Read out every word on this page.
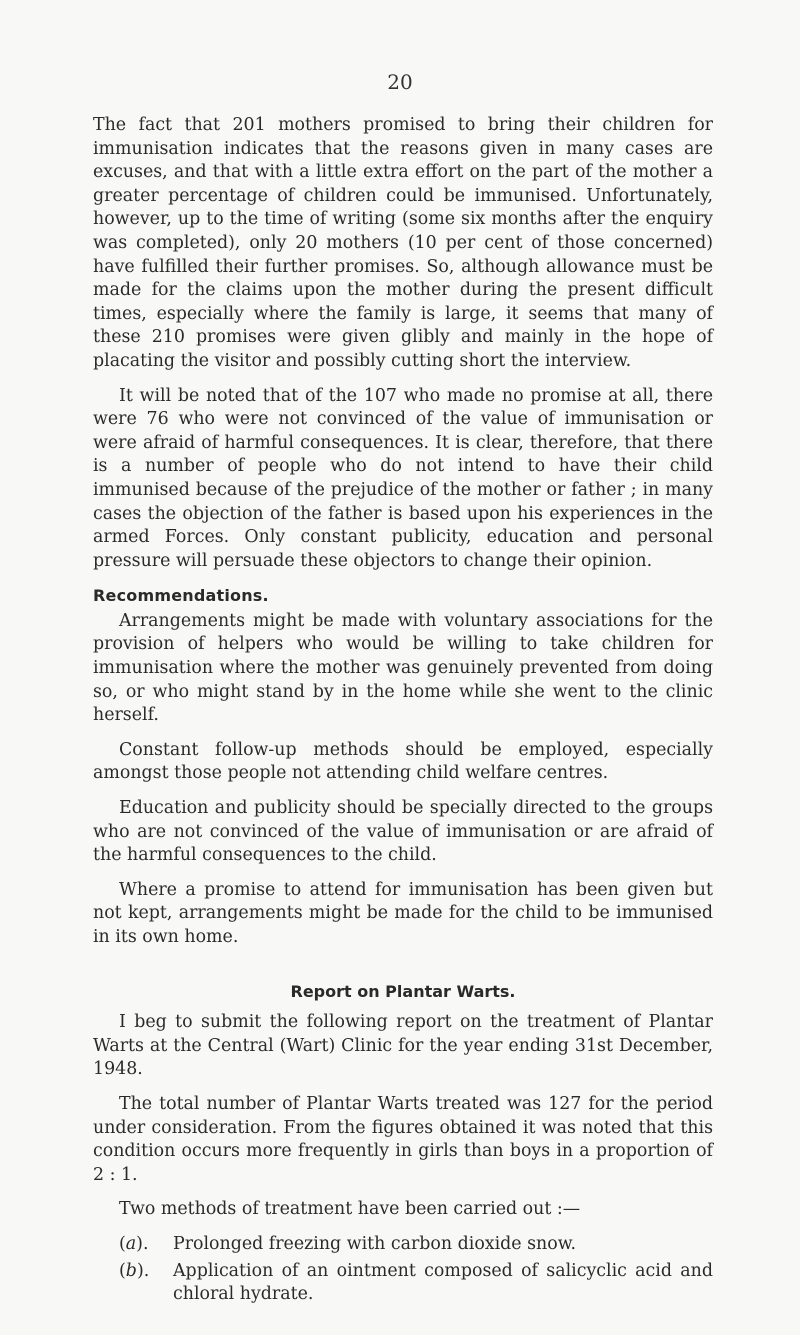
20

The fact that 201 mothers promised to bring their children for immunisation indicates that the reasons given in many cases are excuses, and that with a little extra effort on the part of the mother a greater percentage of children could be immunised. Unfortunately, however, up to the time of writing (some six months after the enquiry was completed), only 20 mothers (10 per cent of those concerned) have fulfilled their further promises. So, although allowance must be made for the claims upon the mother during the present difficult times, especially where the family is large, it seems that many of these 210 promises were given glibly and mainly in the hope of placating the visitor and possibly cutting short the interview.

It will be noted that of the 107 who made no promise at all, there were 76 who were not convinced of the value of immunisation or were afraid of harmful consequences. It is clear, therefore, that there is a number of people who do not intend to have their child immunised because of the prejudice of the mother or father ; in many cases the objection of the father is based upon his experiences in the armed Forces. Only constant publicity, education and personal pressure will persuade these objectors to change their opinion.

Recommendations.

Arrangements might be made with voluntary associations for the provision of helpers who would be willing to take children for immunisation where the mother was genuinely prevented from doing so, or who might stand by in the home while she went to the clinic herself.

Constant follow-up methods should be employed, especially amongst those people not attending child welfare centres.

Education and publicity should be specially directed to the groups who are not convinced of the value of immunisation or are afraid of the harmful consequences to the child.

Where a promise to attend for immunisation has been given but not kept, arrangements might be made for the child to be immunised in its own home.

Report on Plantar Warts.

I beg to submit the following report on the treatment of Plantar Warts at the Central (Wart) Clinic for the year ending 31st December, 1948.

The total number of Plantar Warts treated was 127 for the period under consideration. From the figures obtained it was noted that this condition occurs more frequently in girls than boys in a proportion of 2 : 1.

Two methods of treatment have been carried out :—

(a).	Prolonged freezing with carbon dioxide snow.
(b).	Application of an ointment composed of salicyclic acid and chloral hydrate.
